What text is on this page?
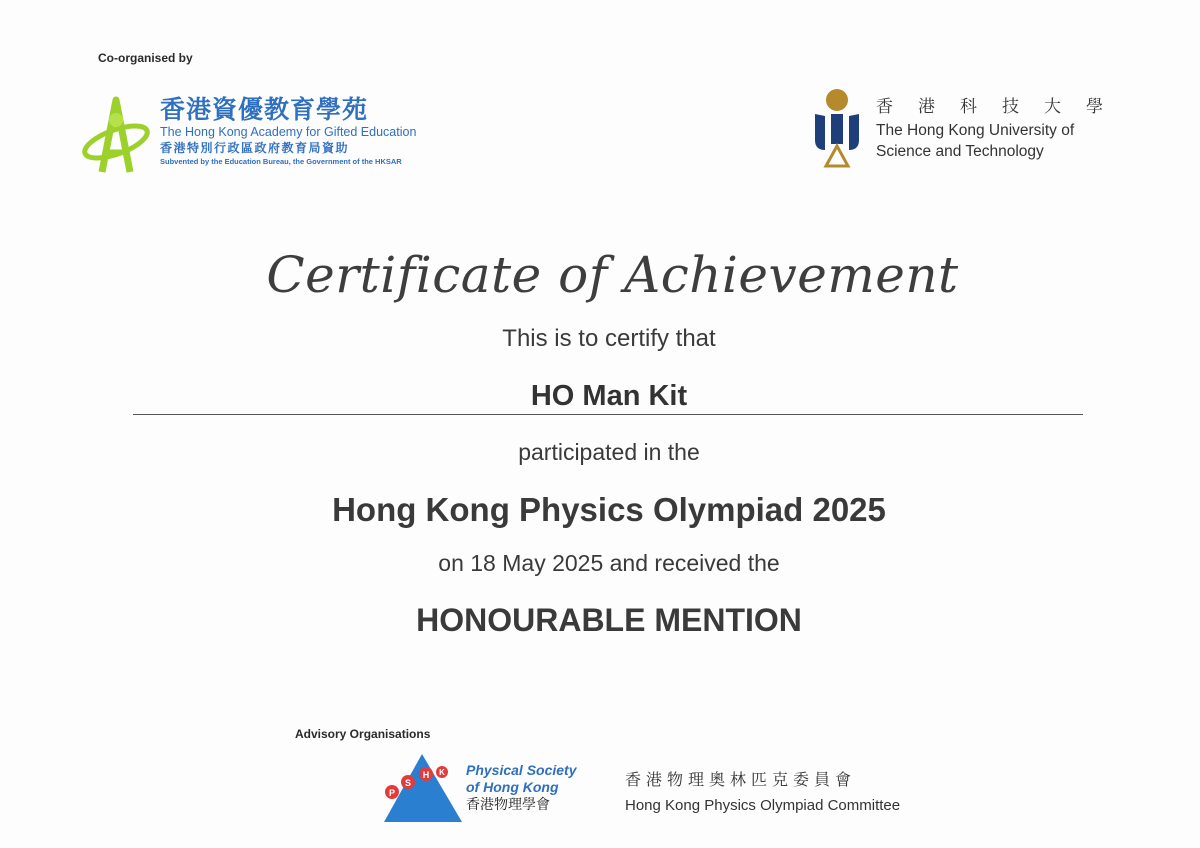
Co-organised by
香港資優教育學苑
The Hong Kong Academy for Gifted Education
香港特別行政區政府教育局資助
Subvented by the Education Bureau, the Government of the HKSAR
香港科技大學
The Hong Kong University of
Science and Technology
Certificate of Achievement
This is to certify that
HO Man Kit
participated in the
Hong Kong Physics Olympiad 2025
on 18 May 2025 and received the
HONOURABLE MENTION
Advisory Organisations
P
S
H K Physical Society
of Hong Kong
香港物理學會
香港物理奧林匹克委員會
Hong Kong Physics Olympiad Committee
